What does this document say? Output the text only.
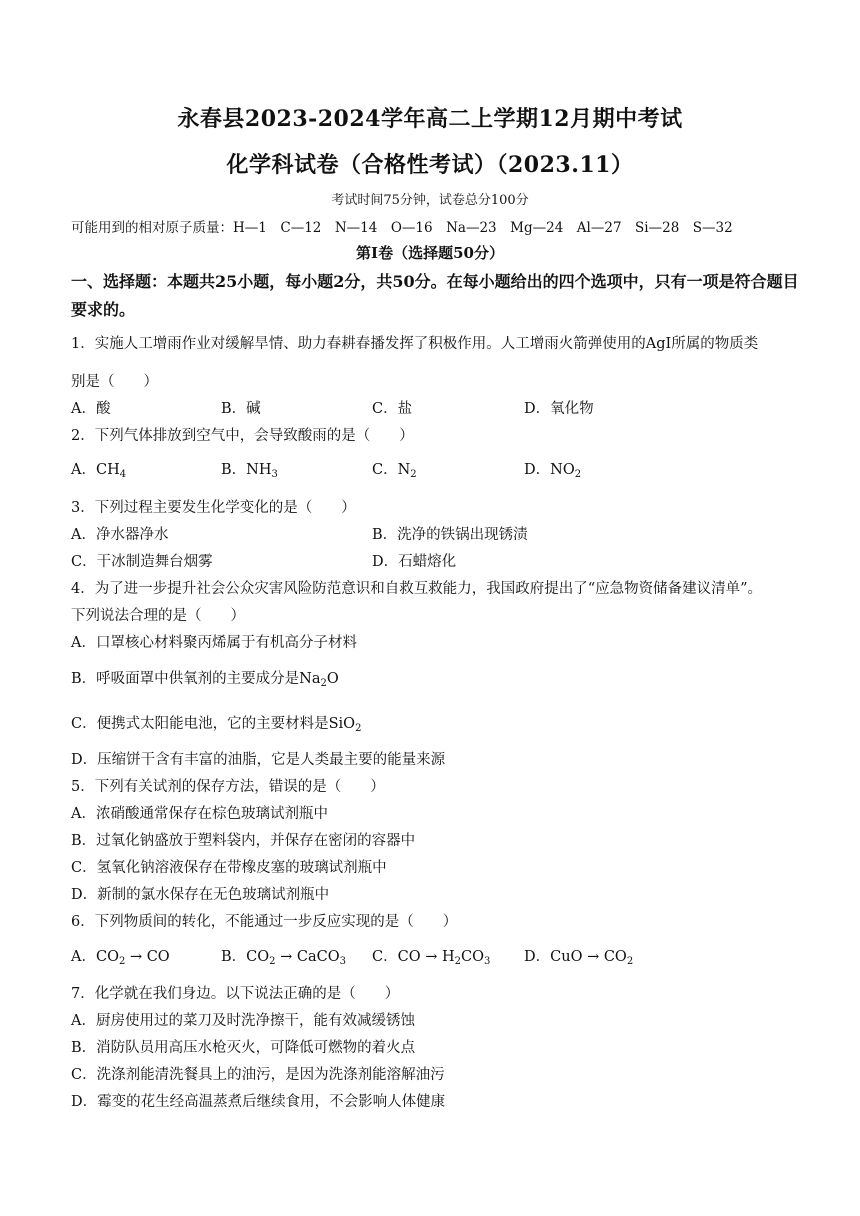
永春县2023-2024学年高二上学期12月期中考试
化学科试卷（合格性考试）（2023.11）
考试时间75分钟，试卷总分100分
可能用到的相对原子质量：H—1　C—12　N—14　O—16　Na—23　Mg—24　Al—27　Si—28　S—32
第Ⅰ卷（选择题50分）
一、选择题：本题共25小题，每小题2分，共50分。在每小题给出的四个选项中，只有一项是符合题目要求的。
1．实施人工增雨作业对缓解旱情、助力春耕春播发挥了积极作用。人工增雨火箭弹使用的AgI所属的物质类
别是（　　）
A．酸	B．碱	C．盐	D．氧化物
2．下列气体排放到空气中，会导致酸雨的是（　　）
A．$CH_4$	B．$NH_3$	C．$N_2$	D．$NO_2$
3．下列过程主要发生化学变化的是（　　）
A．净水器净水	B．洗净的铁锅出现锈渍
C．干冰制造舞台烟雾	D．石蜡熔化
4．为了进一步提升社会公众灾害风险防范意识和自救互救能力，我国政府提出了“应急物资储备建议清单”。
下列说法合理的是（　　）
A．口罩核心材料聚丙烯属于有机高分子材料
B．呼吸面罩中供氧剂的主要成分是$Na_2O$
C．便携式太阳能电池，它的主要材料是SiO$_2$
D．压缩饼干含有丰富的油脂，它是人类最主要的能量来源
5．下列有关试剂的保存方法，错误的是（　　）
A．浓硝酸通常保存在棕色玻璃试剂瓶中
B．过氧化钠盛放于塑料袋内，并保存在密闭的容器中
C．氢氧化钠溶液保存在带橡皮塞的玻璃试剂瓶中
D．新制的氯水保存在无色玻璃试剂瓶中
6．下列物质间的转化，不能通过一步反应实现的是（　　）
A．$CO_2$ → CO	B．$CO_2$ → CaCO$_3$ C．CO → $H_2CO_3$ D．CuO → $CO_2$
7．化学就在我们身边。以下说法正确的是（　　）
A．厨房使用过的菜刀及时洗净擦干，能有效减缓锈蚀
B．消防队员用高压水枪灭火，可降低可燃物的着火点
C．洗涤剂能清洗餐具上的油污，是因为洗涤剂能溶解油污
D．霉变的花生经高温蒸煮后继续食用，不会影响人体健康
